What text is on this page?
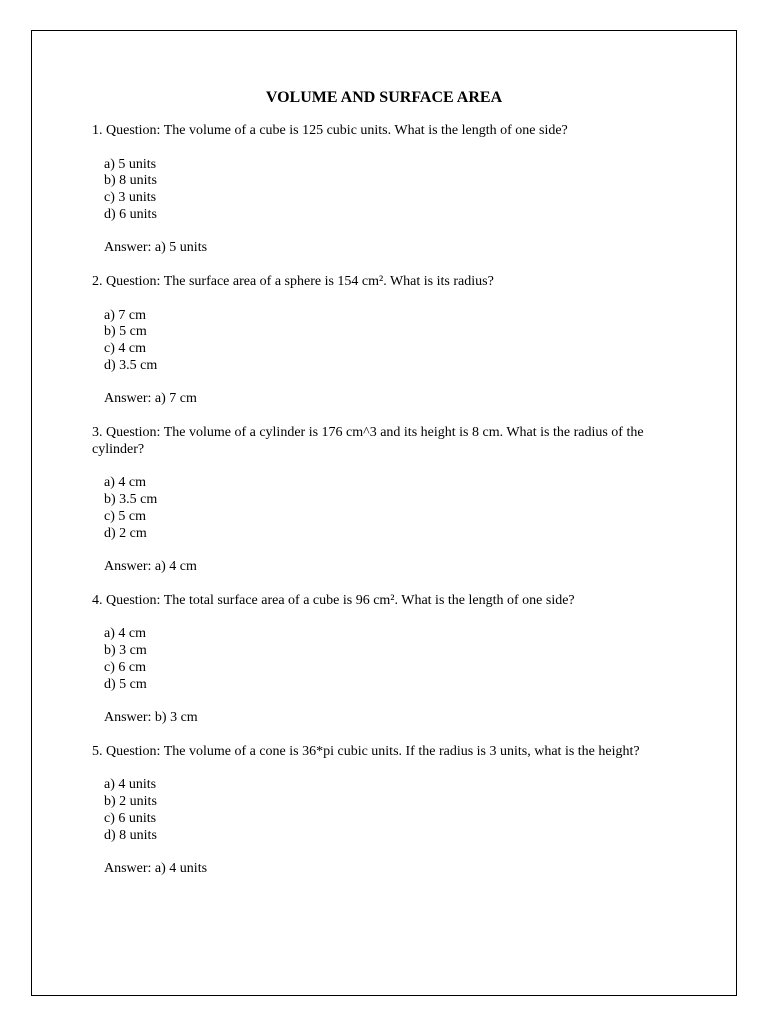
VOLUME AND SURFACE AREA

1. Question: The volume of a cube is 125 cubic units. What is the length of one side?

a) 5 units
b) 8 units
c) 3 units
d) 6 units

Answer: a) 5 units

2. Question: The surface area of a sphere is 154 cm². What is its radius?

a) 7 cm
b) 5 cm
c) 4 cm
d) 3.5 cm

Answer: a) 7 cm

3. Question: The volume of a cylinder is 176 cm^3 and its height is 8 cm. What is the radius of the cylinder?

a) 4 cm
b) 3.5 cm
c) 5 cm
d) 2 cm

Answer: a) 4 cm

4. Question: The total surface area of a cube is 96 cm². What is the length of one side?

a) 4 cm
b) 3 cm
c) 6 cm
d) 5 cm

Answer: b) 3 cm

5. Question: The volume of a cone is 36*pi cubic units. If the radius is 3 units, what is the height?

a) 4 units
b) 2 units
c) 6 units
d) 8 units

Answer: a) 4 units
